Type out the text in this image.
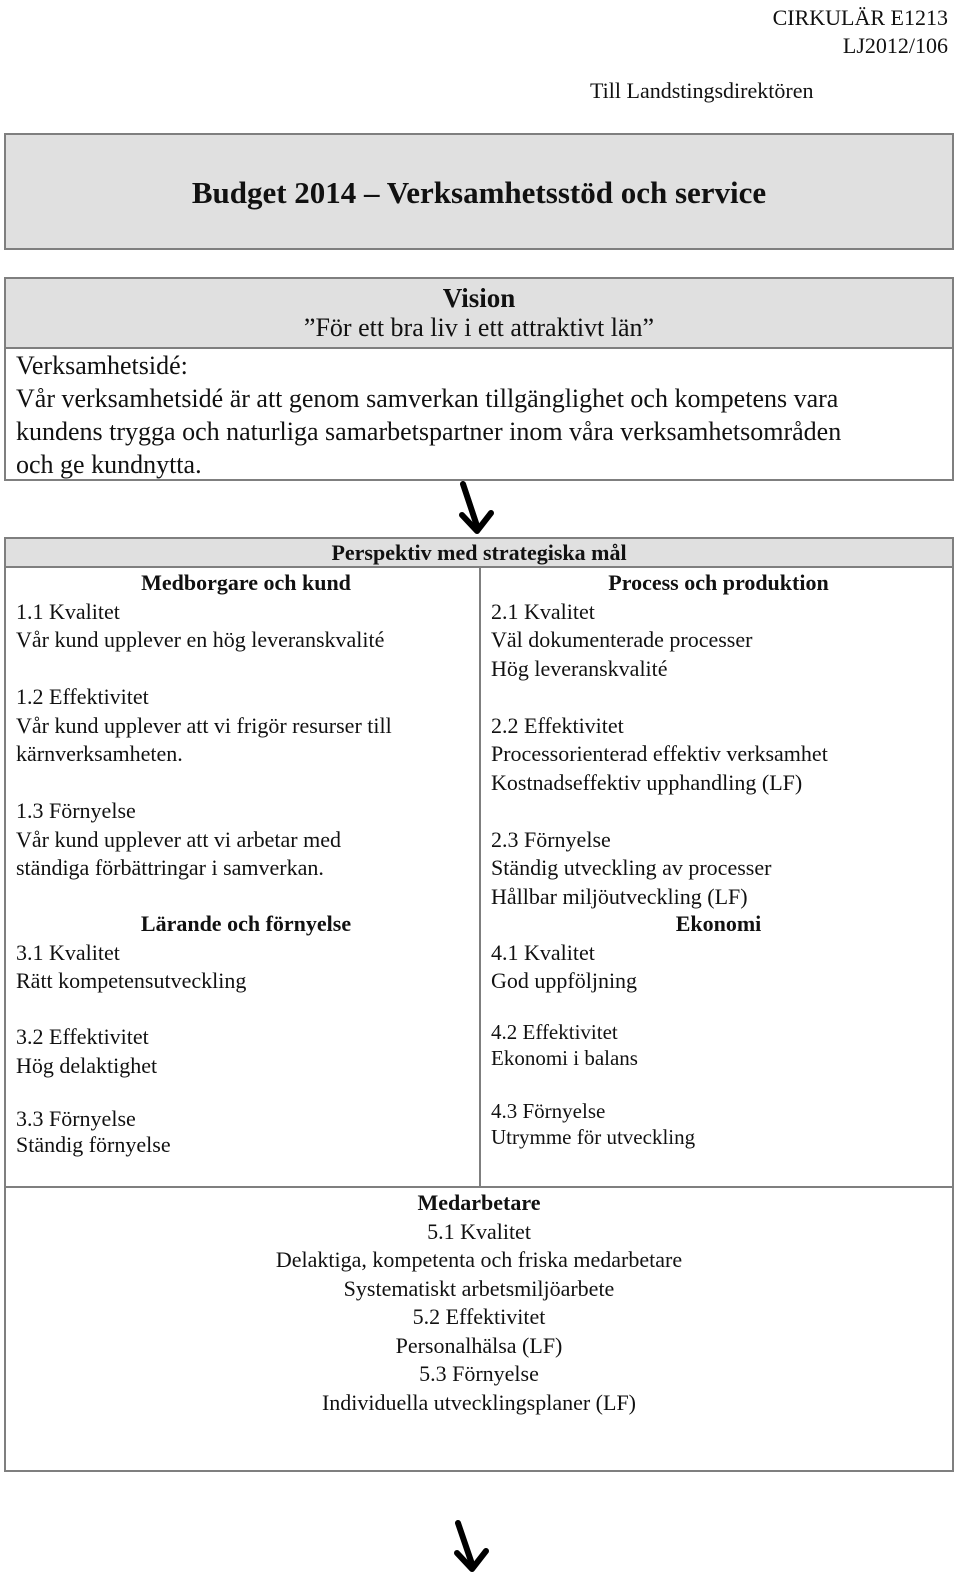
CIRKULÄR E1213
LJ2012/106
Till Landstingsdirektören
Budget 2014 – Verksamhetsstöd och service
Vision
”För ett bra liv i ett attraktivt län”
Verksamhetsidé:
Vår verksamhetsidé är att genom samverkan tillgänglighet och kompetens vara
kundens trygga och naturliga samarbetspartner inom våra verksamhetsområden
och ge kundnytta.
Perspektiv med strategiska mål
Medborgare och kund
1.1 Kvalitet
Vår kund upplever en hög leveranskvalité

1.2 Effektivitet
Vår kund upplever att vi frigör resurser till
kärnverksamheten.

1.3 Förnyelse
Vår kund upplever att vi arbetar med
ständiga förbättringar i samverkan.
Process och produktion
2.1 Kvalitet
Väl dokumenterade processer
Hög leveranskvalité

2.2 Effektivitet
Processorienterad effektiv verksamhet
Kostnadseffektiv upphandling (LF)

2.3 Förnyelse
Ständig utveckling av processer
Hållbar miljöutveckling (LF)
Lärande och förnyelse
3.1 Kvalitet
Rätt kompetensutveckling
3.2 Effektivitet
Hög delaktighet
3.3 Förnyelse
Ständig förnyelse
Ekonomi
4.1 Kvalitet
God uppföljning
4.2 Effektivitet
Ekonomi i balans
4.3 Förnyelse
Utrymme för utveckling
Medarbetare
5.1 Kvalitet
Delaktiga, kompetenta och friska medarbetare
Systematiskt arbetsmiljöarbete
5.2 Effektivitet
Personalhälsa (LF)
5.3 Förnyelse
Individuella utvecklingsplaner (LF)
